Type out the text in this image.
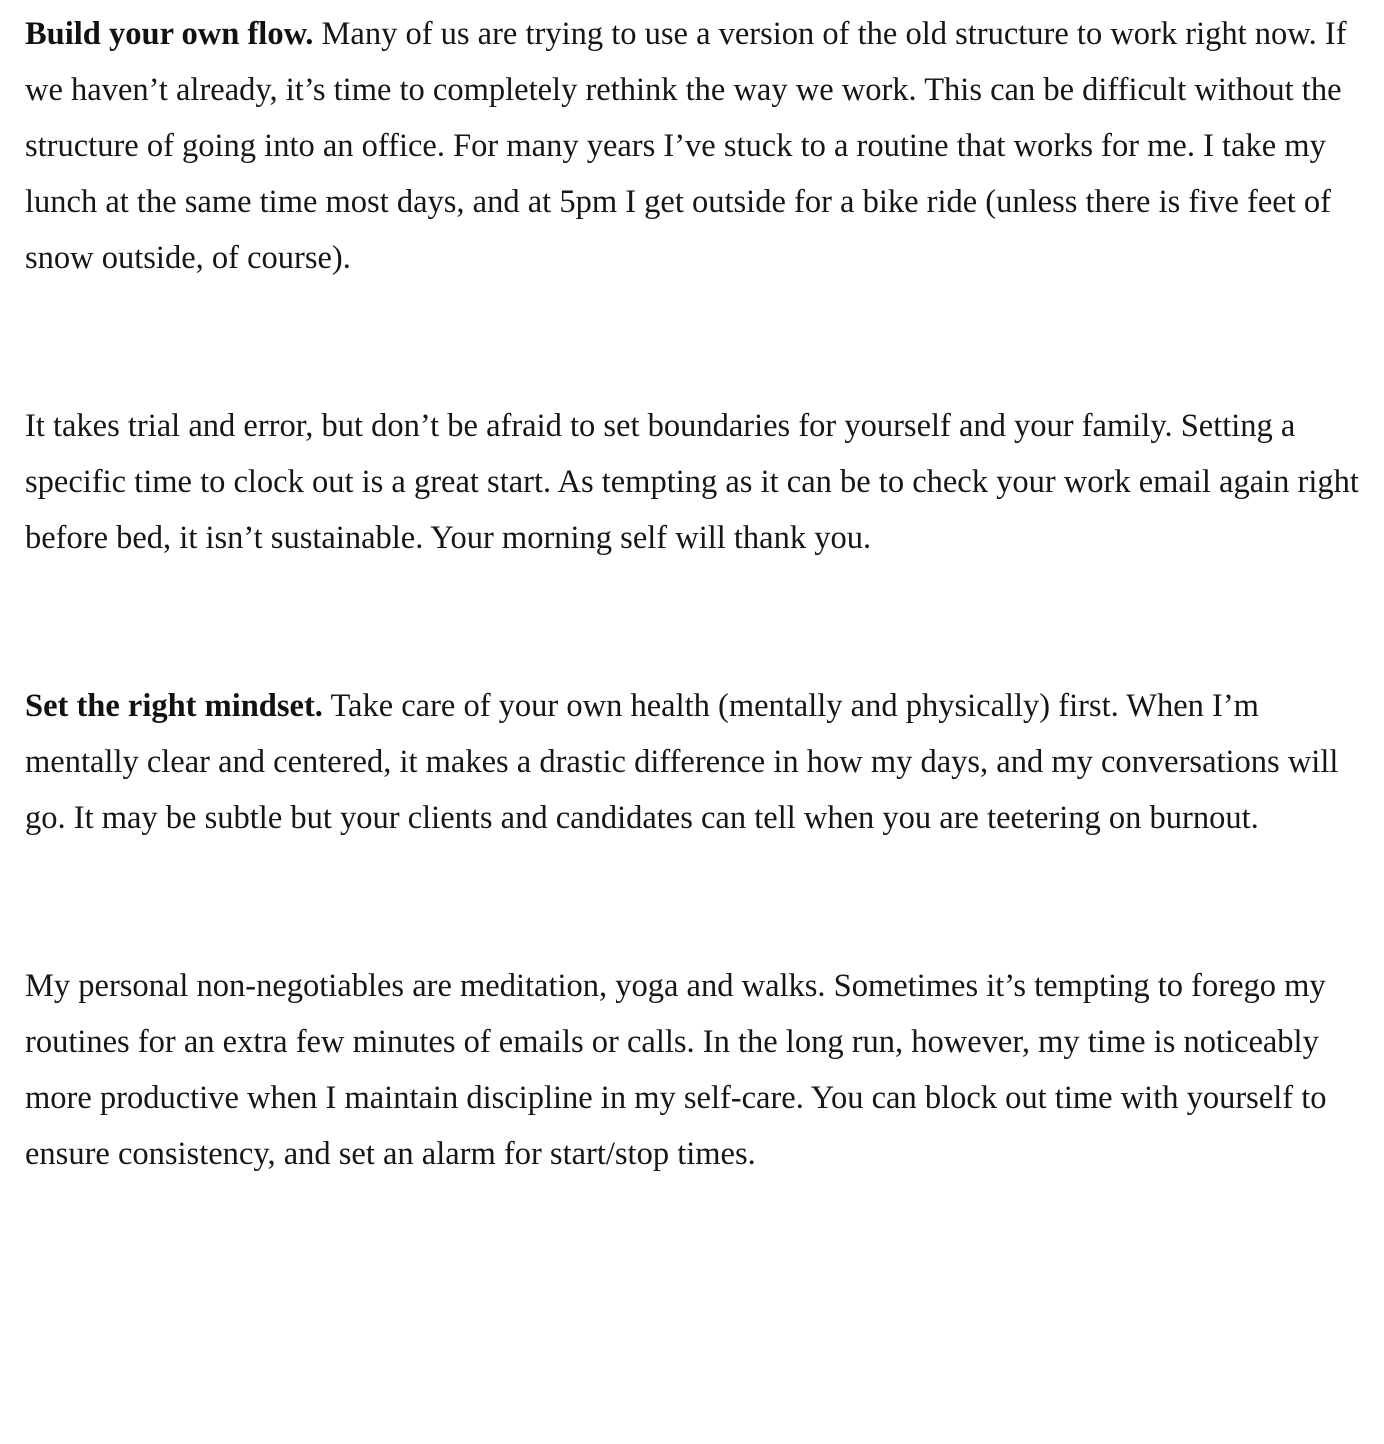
Build your own flow. Many of us are trying to use a version of the old structure to work right now. If we haven’t already, it’s time to completely rethink the way we work. This can be difficult without the structure of going into an office. For many years I’ve stuck to a routine that works for me. I take my lunch at the same time most days, and at 5pm I get outside for a bike ride (unless there is five feet of snow outside, of course).

It takes trial and error, but don’t be afraid to set boundaries for yourself and your family. Setting a specific time to clock out is a great start. As tempting as it can be to check your work email again right before bed, it isn’t sustainable. Your morning self will thank you.

Set the right mindset. Take care of your own health (mentally and physically) first. When I’m mentally clear and centered, it makes a drastic difference in how my days, and my conversations will go. It may be subtle but your clients and candidates can tell when you are teetering on burnout.

My personal non-negotiables are meditation, yoga and walks. Sometimes it’s tempting to forego my routines for an extra few minutes of emails or calls. In the long run, however, my time is noticeably more productive when I maintain discipline in my self-care. You can block out time with yourself to ensure consistency, and set an alarm for start/stop times.
